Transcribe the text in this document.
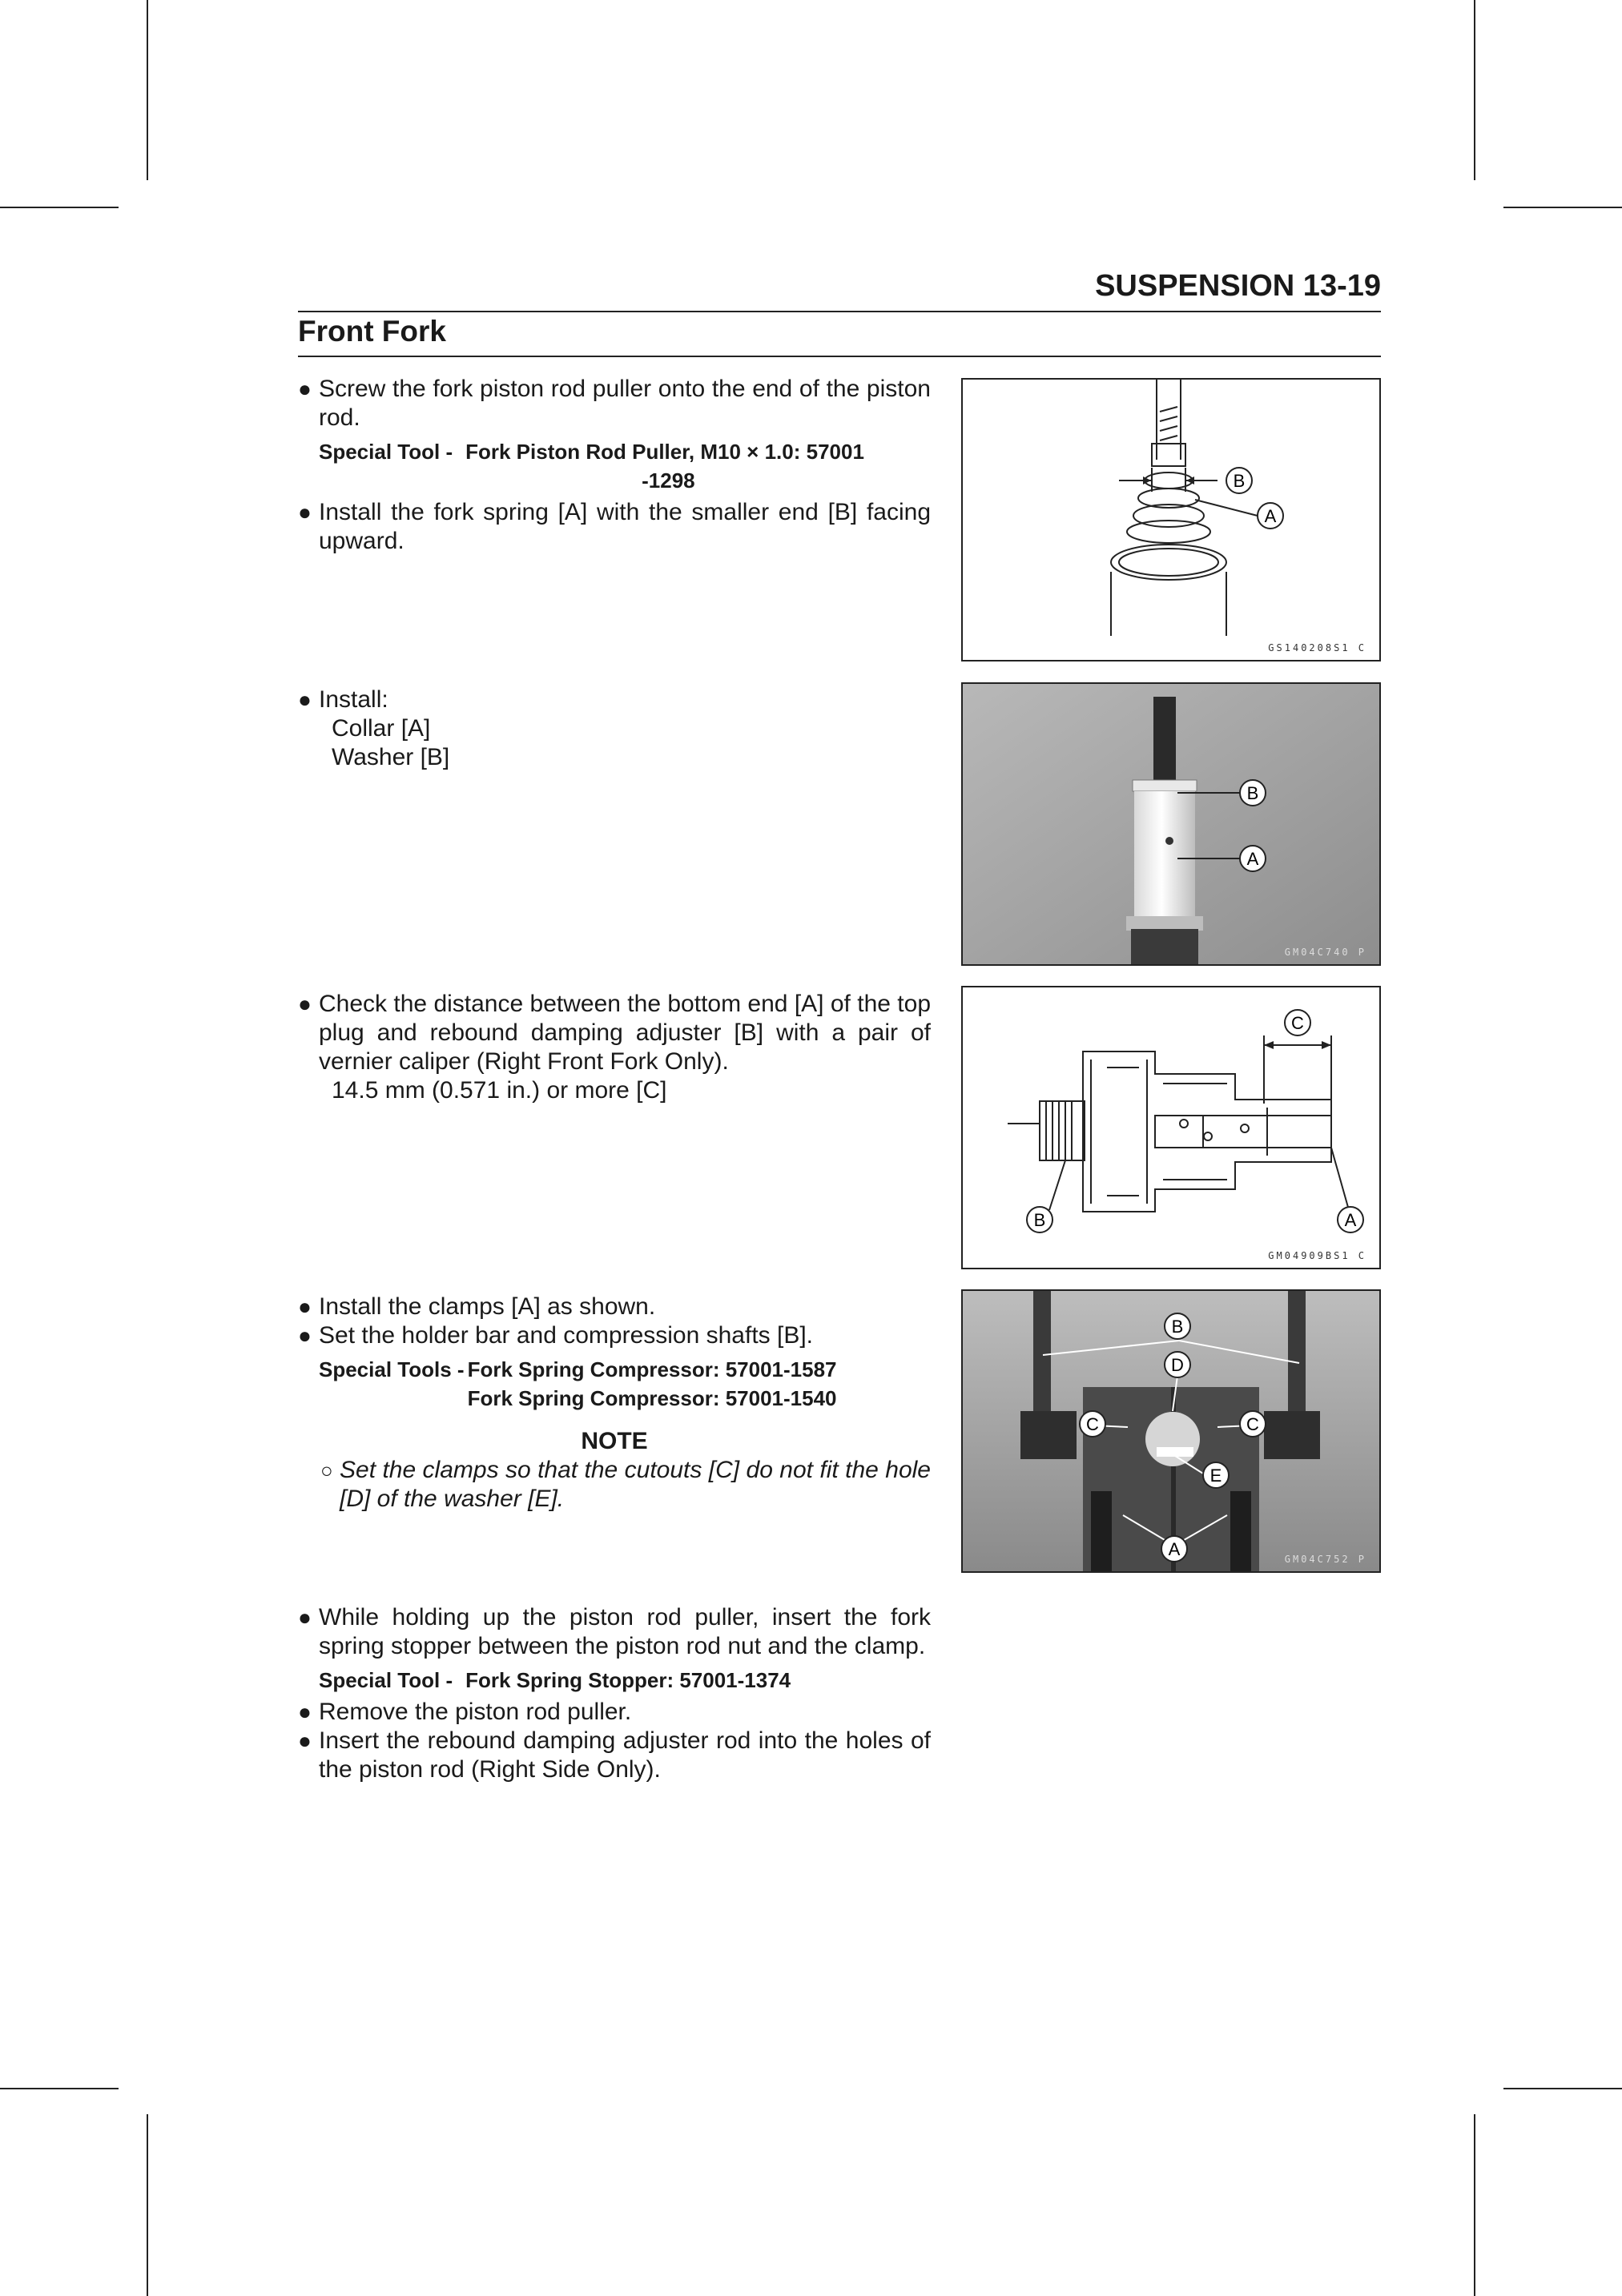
SUSPENSION 13-19
Front Fork
● Screw the fork piston rod puller onto the end of the piston rod.
Special Tool - Fork Piston Rod Puller, M10 × 1.0: 57001
-1298
● Install the fork spring [A] with the smaller end [B] facing upward.
● Install:
Collar [A]
Washer [B]
● Check the distance between the bottom end [A] of the top plug and rebound damping adjuster [B] with a pair of vernier caliper (Right Front Fork Only).
14.5 mm (0.571 in.) or more [C]
● Install the clamps [A] as shown.
● Set the holder bar and compression shafts [B].
Special Tools - Fork Spring Compressor: 57001-1587
Fork Spring Compressor: 57001-1540
NOTE
○ Set the clamps so that the cutouts [C] do not fit the hole [D] of the washer [E].
● While holding up the piston rod puller, insert the fork spring stopper between the piston rod nut and the clamp.
Special Tool - Fork Spring Stopper: 57001-1374
● Remove the piston rod puller.
● Insert the rebound damping adjuster rod into the holes of the piston rod (Right Side Only).
B
A
GS140208S1 C
B
A
GM04C740 P
C
B	A
GM04909BS1 C
B
D
C	C
E
A	GM04C752 P
